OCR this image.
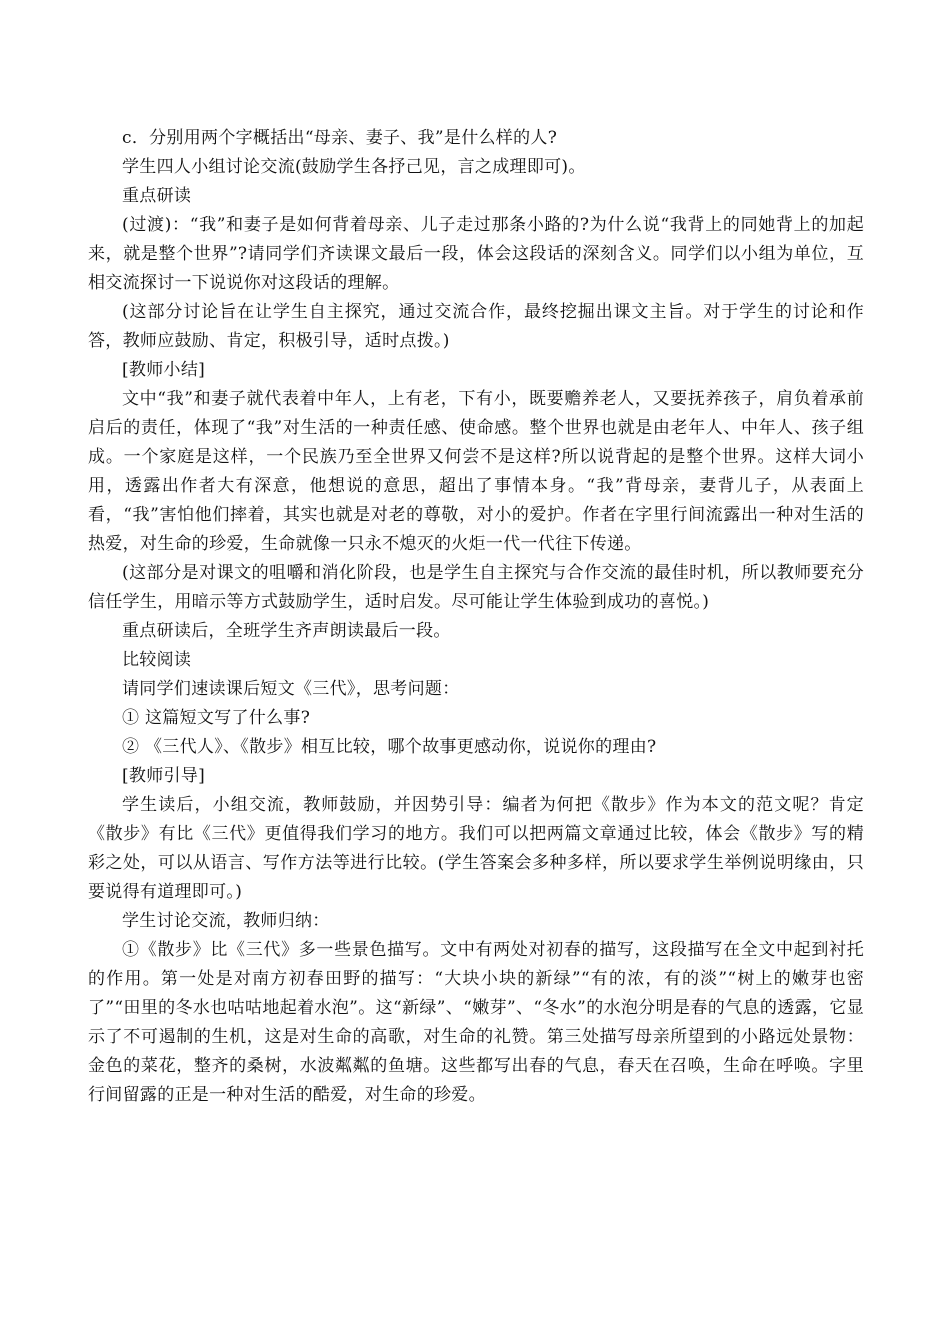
c．分别用两个字概括出“母亲、妻子、我”是什么样的人?

学生四人小组讨论交流(鼓励学生各抒己见，言之成理即可)。

重点研读

(过渡)：“我”和妻子是如何背着母亲、儿子走过那条小路的?为什么说“我背上的同她背上的加起来，就是整个世界”?请同学们齐读课文最后一段，体会这段话的深刻含义。同学们以小组为单位，互相交流探讨一下说说你对这段话的理解。

(这部分讨论旨在让学生自主探究，通过交流合作，最终挖掘出课文主旨。对于学生的讨论和作答，教师应鼓励、肯定，积极引导，适时点拨。)

[教师小结]

文中“我”和妻子就代表着中年人，上有老，下有小，既要赡养老人，又要抚养孩子，肩负着承前启后的责任，体现了“我”对生活的一种责任感、使命感。整个世界也就是由老年人、中年人、孩子组成。一个家庭是这样，一个民族乃至全世界又何尝不是这样?所以说背起的是整个世界。这样大词小用，透露出作者大有深意，他想说的意思，超出了事情本身。“我”背母亲，妻背儿子，从表面上看，“我”害怕他们摔着，其实也就是对老的尊敬，对小的爱护。作者在字里行间流露出一种对生活的热爱，对生命的珍爱，生命就像一只永不熄灭的火炬一代一代往下传递。

(这部分是对课文的咀嚼和消化阶段，也是学生自主探究与合作交流的最佳时机，所以教师要充分信任学生，用暗示等方式鼓励学生，适时启发。尽可能让学生体验到成功的喜悦。)

重点研读后，全班学生齐声朗读最后一段。

比较阅读

请同学们速读课后短文《三代》，思考问题：

① 这篇短文写了什么事?

② 《三代人》、《散步》相互比较，哪个故事更感动你，说说你的理由?

[教师引导]

学生读后，小组交流，教师鼓励，并因势引导：编者为何把《散步》作为本文的范文呢？肯定《散步》有比《三代》更值得我们学习的地方。我们可以把两篇文章通过比较，体会《散步》写的精彩之处，可以从语言、写作方法等进行比较。(学生答案会多种多样，所以要求学生举例说明缘由，只要说得有道理即可。)

学生讨论交流，教师归纳：

①《散步》比《三代》多一些景色描写。文中有两处对初春的描写，这段描写在全文中起到衬托的作用。第一处是对南方初春田野的描写：“大块小块的新绿”“有的浓，有的淡”“树上的嫩芽也密了”“田里的冬水也咕咕地起着水泡”。这“新绿”、“嫩芽”、“冬水”的水泡分明是春的气息的透露，它显示了不可遏制的生机，这是对生命的高歌，对生命的礼赞。第三处描写母亲所望到的小路远处景物：金色的菜花，整齐的桑树，水波粼粼的鱼塘。这些都写出春的气息，春天在召唤，生命在呼唤。字里行间留露的正是一种对生活的酷爱，对生命的珍爱。
